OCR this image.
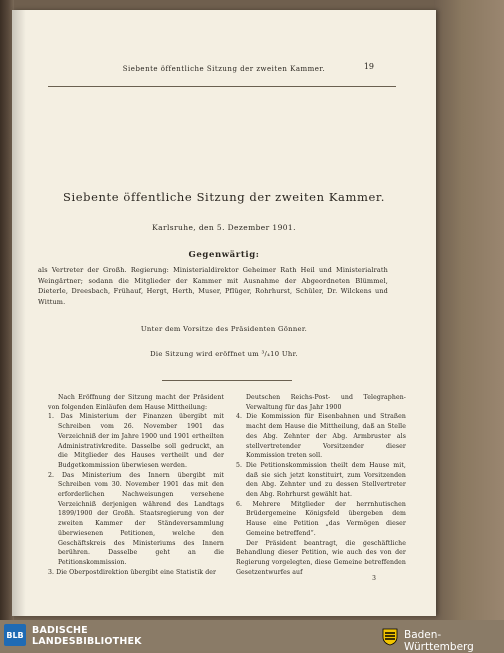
Siebente öffentliche Sitzung der zweiten Kammer.	19
Siebente öffentliche Sitzung der zweiten Kammer.
Karlsruhe, den 5. Dezember 1901.
Gegenwärtig:
als Vertreter der Großh. Regierung: Ministerialdirektor Geheimer Rath Heil und Ministerialrath Weingärtner; sodann die Mitglieder der Kammer mit Ausnahme der Abgeordneten Blümmel, Dieterle, Dreesbach, Frühauf, Hergt, Herth, Muser, Pflüger, Rohrhurst, Schüler, Dr. Wilckens und Wittum.
Unter dem Vorsitze des Präsidenten Gönner.
Die Sitzung wird eröffnet um ³/₄10 Uhr.

Nach Eröffnung der Sitzung macht der Präsident von folgenden Einläufen dem Hause Mittheilung:

1. Das Ministerium der Finanzen übergibt mit Schreiben vom 26. November 1901 das Verzeichniß der im Jahre 1900 und 1901 ertheilten Administrativkredite. Dasselbe soll gedruckt, an die Mitglieder des Hauses vertheilt und der Budgetkommission überwiesen werden.

2. Das Ministerium des Innern übergibt mit Schreiben vom 30. November 1901 das mit den erforderlichen Nachweisungen versehene Verzeichniß derjenigen während des Landtags 1899/1900 der Großh. Staatsregierung von der zweiten Kammer der Ständeversammlung überwiesenen Petitionen, welche den Geschäftskreis des Ministeriums des Innern berühren. Dasselbe geht an die Petitionskommission.

3. Die Oberpostdirektion übergibt eine Statistik der

Deutschen Reichs-Post- und Telegraphen-Verwaltung für das Jahr 1900

4. Die Kommission für Eisenbahnen und Straßen macht dem Hause die Mittheilung, daß an Stelle des Abg. Zehnter der Abg. Armbruster als stellvertretender Vorsitzender dieser Kommission treten soll.

5. Die Petitionskommission theilt dem Hause mit, daß sie sich jetzt konstituirt, zum Vorsitzenden den Abg. Zehnter und zu dessen Stellvertreter den Abg. Rohrhurst gewählt hat.

6. Mehrere Mitglieder der herrnhutischen Brüdergemeine Königsfeld übergeben dem Hause eine Petition „das Vermögen dieser Gemeine betreffend“.

Der Präsident beantragt, die geschäftliche Behandlung dieser Petition, wie auch des von der Regierung vorgelegten, diese Gemeine betreffenden Gesetzentwurfes auf

3
BLB BADISCHE
LANDESBIBLIOTHEK
Baden-Württemberg
